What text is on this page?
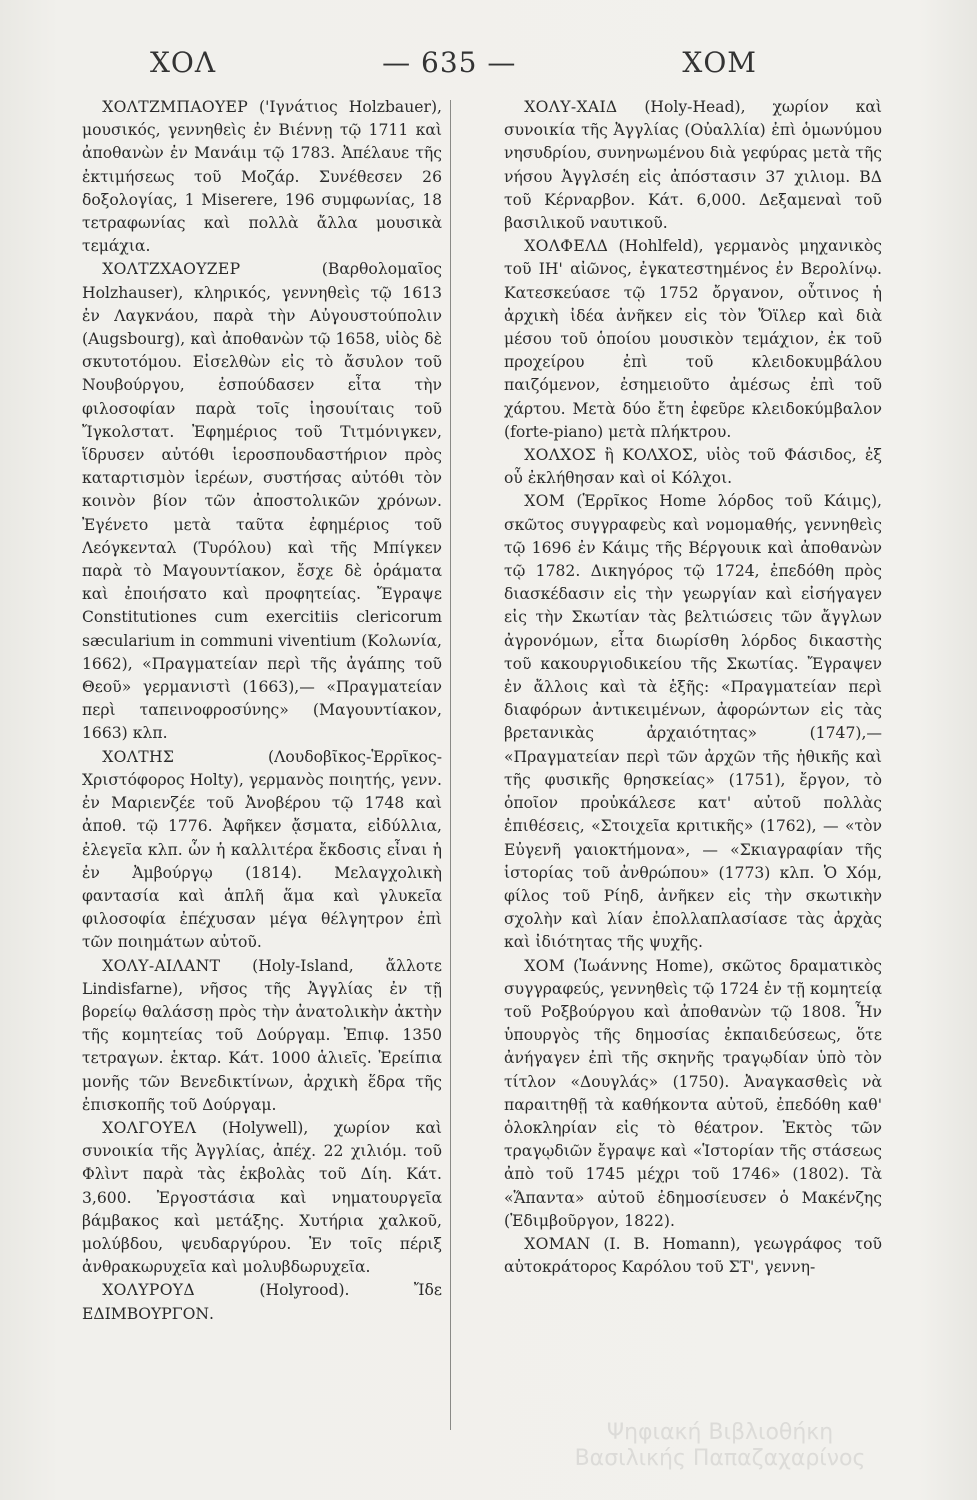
ΧΟΛ	— 635 —	ΧΟΜ

ΧΟΛΤΖΜΠΑΟΥΕΡ ('Ιγνάτιος Holzbauer), μουσικός, γεννηθεὶς ἐν Βιέννῃ τῷ 1711 καὶ ἀποθανὼν ἐν Μανάιμ τῷ 1783. Ἀπέλαυε τῆς ἐκτιμήσεως τοῦ Μοζάρ. Συνέθεσεν 26 δοξολογίας, 1 Miserere, 196 συμφωνίας, 18 τετραφωνίας καὶ πολλὰ ἄλλα μουσικὰ τεμάχια.

ΧΟΛΤΖΧΑΟΥΖΕΡ	(Βαρθολομαῖος Holzhauser), κληρικός, γεννηθεὶς τῷ 1613 ἐν Λαγκνάου, παρὰ τὴν Αὐγουστούπολιν (Augsbourg), καὶ ἀποθανὼν τῷ 1658, υἱὸς δὲ σκυτοτόμου. Εἰσελθὼν εἰς τὸ ἄσυλον τοῦ Νουβούργου, ἐσπούδασεν εἶτα τὴν φιλοσοφίαν παρὰ τοῖς ἰησουίταις τοῦ Ἴγκολστατ. Ἐφημέριος τοῦ Τιτμόνιγκεν, ἵδρυσεν αὐτόθι ἱεροσπουδαστήριον πρὸς καταρτισμὸν ἱερέων, συστήσας αὐτόθι τὸν κοινὸν βίον τῶν ἀποστολικῶν χρόνων. Ἐγένετο μετὰ ταῦτα ἐφημέριος τοῦ Λεόγκενταλ (Τυρόλου) καὶ τῆς Μπίγκεν παρὰ τὸ Μαγουντίακον, ἔσχε δὲ ὁράματα καὶ ἐποιήσατο καὶ προφητείας. Ἔγραψε Constitutiones cum exercitiis clericorum sæcularium in communi viventium (Κολωνία, 1662), «Πραγματείαν περὶ τῆς ἀγάπης τοῦ Θεοῦ» γερμανιστὶ (1663),— «Πραγματείαν περὶ ταπεινοφροσύνης» (Μαγουντίακον, 1663) κλπ.

ΧΟΛΤΗΣ	(Λουδοβῖκος-Ἑρρῖκος-Χριστόφορος Holty), γερμανὸς ποιητής, γενν. ἐν Μαριενζέε τοῦ Ἀνοβέρου τῷ 1748 καὶ ἀποθ. τῷ 1776. Ἀφῆκεν ᾄσματα, εἰδύλλια, ἐλεγεῖα κλπ. ὧν ἡ καλλιτέρα ἔκδοσις εἶναι ἡ ἐν Ἀμβούργῳ (1814). Μελαγχολικὴ φαντασία καὶ ἁπλῆ ἅμα καὶ γλυκεῖα φιλοσοφία ἐπέχυσαν μέγα θέλγητρον ἐπὶ τῶν ποιημάτων αὐτοῦ.

ΧΟΛΥ-ΑΙΛΑΝΤ (Holy-Island, ἄλλοτε Lindisfarne), νῆσος τῆς Ἀγγλίας ἐν τῇ βορείῳ θαλάσσῃ πρὸς τὴν ἀνατολικὴν ἀκτὴν τῆς κομητείας τοῦ Δούργαμ. Ἐπιφ. 1350 τετραγων. ἑκταρ. Κάτ. 1000 ἁλιεῖς. Ἐρείπια μονῆς τῶν Βενεδικτίνων, ἀρχικὴ ἕδρα τῆς ἐπισκοπῆς τοῦ Δούργαμ.

ΧΟΛΓΟΥΕΛ (Holywell), χωρίον καὶ συνοικία τῆς Ἀγγλίας, ἀπέχ. 22 χιλιόμ. τοῦ Φλὶντ παρὰ τὰς ἐκβολὰς τοῦ Δίη. Κάτ. 3,600. Ἐργοστάσια καὶ νηματουργεῖα βάμβακος καὶ μετάξης. Χυτήρια χαλκοῦ, μολύβδου, ψευδαργύρου. Ἐν τοῖς πέριξ ἀνθρακωρυχεῖα καὶ μολυβδωρυχεῖα.

ΧΟΛΥΡΟΥΔ	(Holyrood). Ἴδε ΕΔΙΜΒΟΥΡΓΟΝ.

ΧΟΛΥ-ΧΑΙΔ (Holy-Head), χωρίον καὶ συνοικία τῆς Ἀγγλίας (Οὐαλλία) ἐπὶ ὁμωνύμου νησυδρίου, συνηνωμένου διὰ γεφύρας μετὰ τῆς νήσου Ἀγγλσέη εἰς ἀπόστασιν 37 χιλιομ. ΒΔ τοῦ Κέρναρβον. Κάτ. 6,000. Δεξαμεναὶ τοῦ βασιλικοῦ ναυτικοῦ.

ΧΟΛΦΕΛΔ (Hohlfeld), γερμανὸς μηχανικὸς τοῦ ΙΗ' αἰῶνος, ἐγκατεστημένος ἐν Βερολίνῳ. Κατεσκεύασε τῷ 1752 ὄργανον, οὗτινος ἡ ἀρχικὴ ἰδέα ἀνῆκεν εἰς τὸν Ὄϊλερ καὶ διὰ μέσου τοῦ ὁποίου μουσικὸν τεμάχιον, ἐκ τοῦ προχείρου ἐπὶ τοῦ κλειδοκυμβάλου παιζόμενον, ἐσημειοῦτο ἀμέσως ἐπὶ τοῦ χάρτου. Μετὰ δύο ἔτη ἐφεῦρε κλειδοκύμβαλον (forte-piano) μετὰ πλήκτρου.

ΧΟΛΧΟΣ ἢ ΚΟΛΧΟΣ, υἱὸς τοῦ Φάσιδος, ἐξ οὗ ἐκλήθησαν καὶ οἱ Κόλχοι.

ΧΟΜ (Ἑρρῖκος Home λόρδος τοῦ Κάιμς), σκῶτος συγγραφεὺς καὶ νομομαθής, γεννηθεὶς τῷ 1696 ἐν Κάιμς τῆς Βέργουικ καὶ ἀποθανὼν τῷ 1782. Δικηγόρος τῷ 1724, ἐπεδόθη πρὸς διασκέδασιν εἰς τὴν γεωργίαν καὶ εἰσήγαγεν εἰς τὴν Σκωτίαν τὰς βελτιώσεις τῶν ἄγγλων ἀγρονόμων, εἶτα διωρίσθη λόρδος δικαστὴς τοῦ κακουργιοδικείου τῆς Σκωτίας. Ἔγραψεν ἐν ἄλλοις καὶ τὰ ἑξῆς: «Πραγματείαν περὶ διαφόρων ἀντικειμένων, ἀφορώντων εἰς τὰς βρετανικὰς ἀρχαιότητας» (1747),— «Πραγματείαν περὶ τῶν ἀρχῶν τῆς ἠθικῆς καὶ τῆς φυσικῆς θρησκείας» (1751), ἔργον, τὸ ὁποῖον προὐκάλεσε κατ' αὐτοῦ πολλὰς ἐπιθέσεις, «Στοιχεῖα κριτικῆς» (1762), — «τὸν Εὐγενῆ γαιοκτήμονα», — «Σκιαγραφίαν τῆς ἱστορίας τοῦ ἀνθρώπου» (1773) κλπ. Ὁ Χόμ, φίλος τοῦ Ρίηδ, ἀνῆκεν εἰς τὴν σκωτικὴν σχολὴν καὶ λίαν ἐπολλαπλασίασε τὰς ἀρχὰς καὶ ἰδιότητας τῆς ψυχῆς.

ΧΟΜ (Ἰωάννης Home), σκῶτος δραματικὸς συγγραφεύς, γεννηθεὶς τῷ 1724 ἐν τῇ κομητείᾳ τοῦ Ροξβούργου καὶ ἀποθανὼν τῷ 1808. Ἦν ὑπουργὸς τῆς δημοσίας ἐκπαιδεύσεως, ὅτε ἀνήγαγεν ἐπὶ τῆς σκηνῆς τραγῳδίαν ὑπὸ τὸν τίτλον «Δουγλάς» (1750). Ἀναγκασθεὶς νὰ παραιτηθῇ τὰ καθήκοντα αὐτοῦ, ἐπεδόθη καθ' ὁλοκληρίαν εἰς τὸ θέατρον. Ἐκτὸς τῶν τραγῳδιῶν ἔγραψε καὶ «Ἱστορίαν τῆς στάσεως ἀπὸ τοῦ 1745 μέχρι τοῦ 1746» (1802). Τὰ «Ἅπαντα» αὐτοῦ ἐδημοσίευσεν ὁ Μακένζης (Ἐδιμβοῦργον, 1822).

ΧΟΜΑΝ (I. B. Homann), γεωγράφος τοῦ αὐτοκράτορος Καρόλου τοῦ ΣΤ', γεννη-

Ψηφιακή Βιβλιοθήκη Βασιλικής Παπαζαχαρίνος
